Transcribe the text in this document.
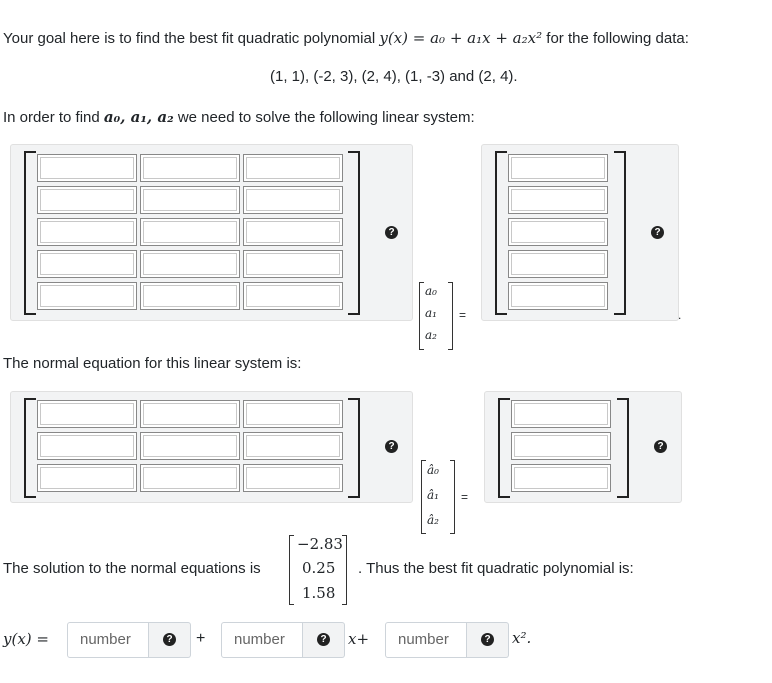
Your goal here is to find the best fit quadratic polynomial y(x) = a₀ + a₁x + a₂x² for the following data:
(1, 1), (-2, 3), (2, 4), (1, -3) and (2, 4).
In order to find a₀, a₁, a₂ we need to solve the following linear system:
?
a₀
a₁
a₂
=
?
.
The normal equation for this linear system is:
?
â₀
â₁
â₂
=
?
The solution to the normal equations is
−2.83
0.25
1.58
. Thus the best fit quadratic polynomial is:
y(x) =	number	? +	number	? x+	number	? x².
